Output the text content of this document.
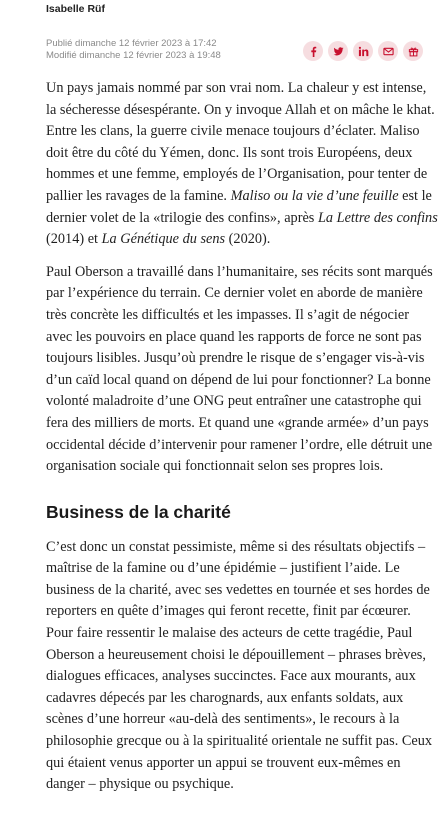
Isabelle Rüf
Publié dimanche 12 février 2023 à 17:42
Modifié dimanche 12 février 2023 à 19:48

Un pays jamais nommé par son vrai nom. La chaleur y est intense, la sécheresse désespérante. On y invoque Allah et on mâche le khat. Entre les clans, la guerre civile menace toujours d’éclater. Maliso doit être du côté du Yémen, donc. Ils sont trois Européens, deux hommes et une femme, employés de l’Organisation, pour tenter de pallier les ravages de la famine. Maliso ou la vie d’une feuille est le dernier volet de la «trilogie des confins», après La Lettre des confins (2014) et La Génétique du sens (2020).

Paul Oberson a travaillé dans l’humanitaire, ses récits sont marqués par l’expérience du terrain. Ce dernier volet en aborde de manière très concrète les difficultés et les impasses. Il s’agit de négocier avec les pouvoirs en place quand les rapports de force ne sont pas toujours lisibles. Jusqu’où prendre le risque de s’engager vis-à-vis d’un caïd local quand on dépend de lui pour fonctionner? La bonne volonté maladroite d’une ONG peut entraîner une catastrophe qui fera des milliers de morts. Et quand une «grande armée» d’un pays occidental décide d’intervenir pour ramener l’ordre, elle détruit une organisation sociale qui fonctionnait selon ses propres lois.

Business de la charité

C’est donc un constat pessimiste, même si des résultats objectifs – maîtrise de la famine ou d’une épidémie – justifient l’aide. Le business de la charité, avec ses vedettes en tournée et ses hordes de reporters en quête d’images qui feront recette, finit par écœurer. Pour faire ressentir le malaise des acteurs de cette tragédie, Paul Oberson a heureusement choisi le dépouillement – phrases brèves, dialogues efficaces, analyses succinctes. Face aux mourants, aux cadavres dépecés par les charognards, aux enfants soldats, aux scènes d’une horreur «au-delà des sentiments», le recours à la philosophie grecque ou à la spiritualité orientale ne suffit pas. Ceux qui étaient venus apporter un appui se trouvent eux-mêmes en danger – physique ou psychique.
